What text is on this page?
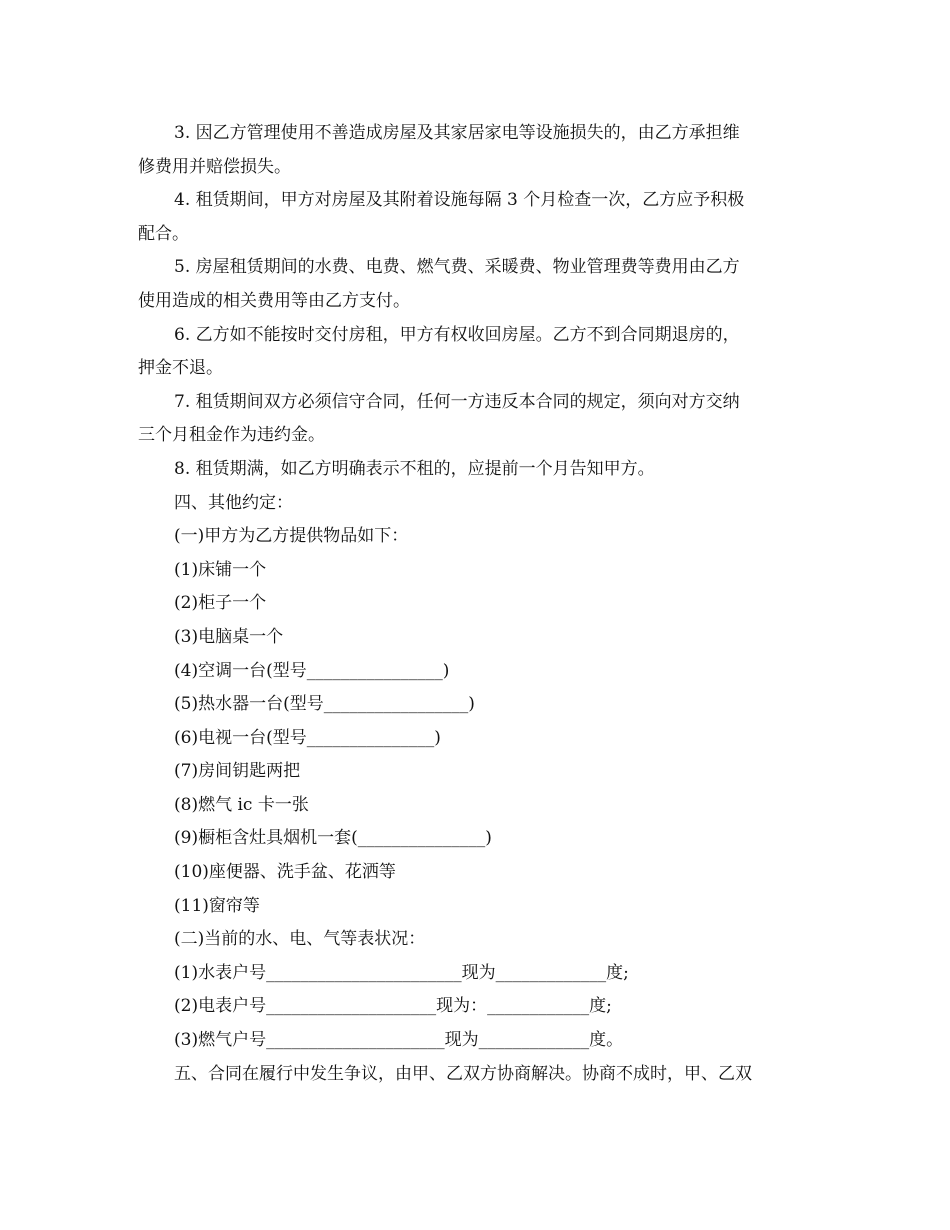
3. 因乙方管理使用不善造成房屋及其家居家电等设施损失的，由乙方承担维
修费用并赔偿损失。
4. 租赁期间，甲方对房屋及其附着设施每隔 3 个月检查一次，乙方应予积极
配合。
5. 房屋租赁期间的水费、电费、燃气费、采暖费、物业管理费等费用由乙方
使用造成的相关费用等由乙方支付。
6. 乙方如不能按时交付房租，甲方有权收回房屋。乙方不到合同期退房的，
押金不退。
7. 租赁期间双方必须信守合同，任何一方违反本合同的规定，须向对方交纳
三个月租金作为违约金。
8. 租赁期满，如乙方明确表示不租的，应提前一个月告知甲方。
四、其他约定：
(一)甲方为乙方提供物品如下：
(1)床铺一个
(2)柜子一个
(3)电脑桌一个
(4)空调一台(型号________________)
(5)热水器一台(型号_________________)
(6)电视一台(型号_______________)
(7)房间钥匙两把
(8)燃气 ic 卡一张
(9)橱柜含灶具烟机一套(_______________)
(10)座便器、洗手盆、花洒等
(11)窗帘等
(二)当前的水、电、气等表状况：
(1)水表户号_______________________现为_____________度;
(2)电表户号____________________现为：____________度;
(3)燃气户号_____________________现为_____________度。
五、合同在履行中发生争议，由甲、乙双方协商解决。协商不成时，甲、乙双
